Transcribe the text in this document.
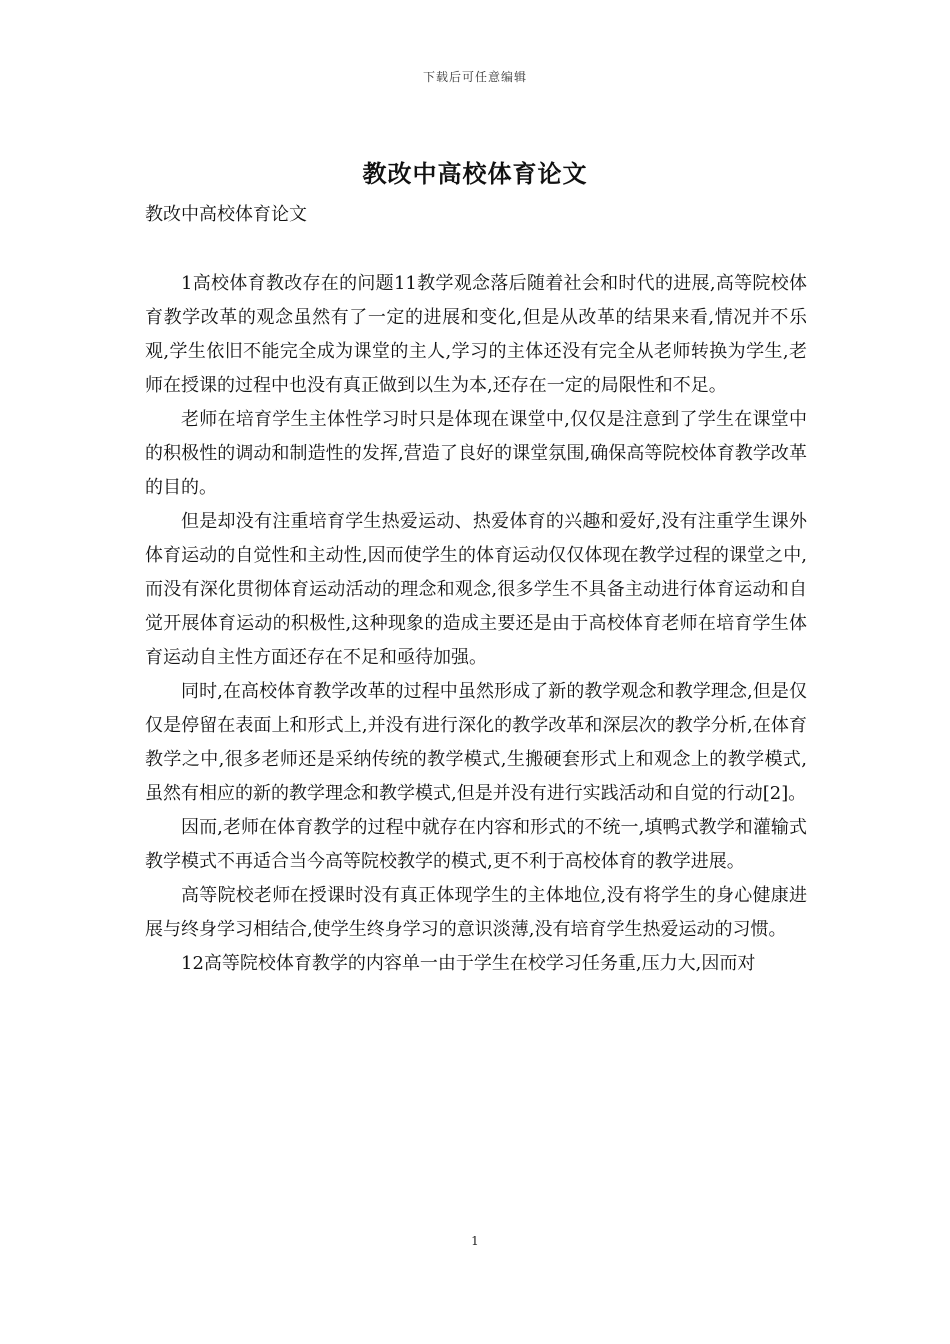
下载后可任意编辑
教改中高校体育论文

教改中高校体育论文

1高校体育教改存在的问题11教学观念落后随着社会和时代的进展,高等院校体育教学改革的观念虽然有了一定的进展和变化,但是从改革的结果来看,情况并不乐观,学生依旧不能完全成为课堂的主人,学习的主体还没有完全从老师转换为学生,老师在授课的过程中也没有真正做到以生为本,还存在一定的局限性和不足。

老师在培育学生主体性学习时只是体现在课堂中,仅仅是注意到了学生在课堂中的积极性的调动和制造性的发挥,营造了良好的课堂氛围,确保高等院校体育教学改革的目的。

但是却没有注重培育学生热爱运动、热爱体育的兴趣和爱好,没有注重学生课外体育运动的自觉性和主动性,因而使学生的体育运动仅仅体现在教学过程的课堂之中,而没有深化贯彻体育运动活动的理念和观念,很多学生不具备主动进行体育运动和自觉开展体育运动的积极性,这种现象的造成主要还是由于高校体育老师在培育学生体育运动自主性方面还存在不足和亟待加强。

同时,在高校体育教学改革的过程中虽然形成了新的教学观念和教学理念,但是仅仅是停留在表面上和形式上,并没有进行深化的教学改革和深层次的教学分析,在体育教学之中,很多老师还是采纳传统的教学模式,生搬硬套形式上和观念上的教学模式,虽然有相应的新的教学理念和教学模式,但是并没有进行实践活动和自觉的行动[2]。

因而,老师在体育教学的过程中就存在内容和形式的不统一,填鸭式教学和灌输式教学模式不再适合当今高等院校教学的模式,更不利于高校体育的教学进展。

高等院校老师在授课时没有真正体现学生的主体地位,没有将学生的身心健康进展与终身学习相结合,使学生终身学习的意识淡薄,没有培育学生热爱运动的习惯。

12高等院校体育教学的内容单一由于学生在校学习任务重,压力大,因而对

1
